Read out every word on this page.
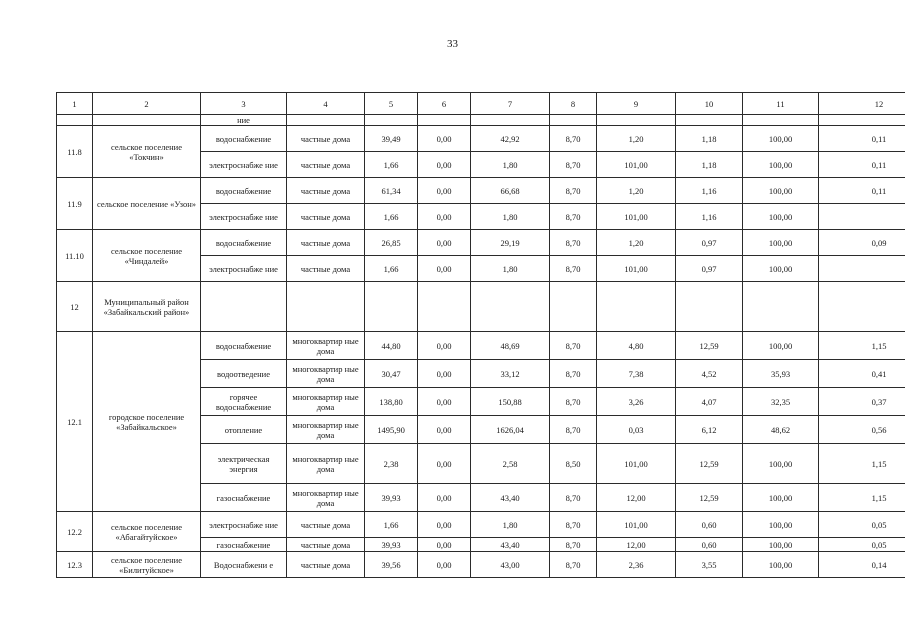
33
1	2	3	4	5	6	7	8	9	10	11	12
		ние									
11.8	сельское поселение «Токчин»	водоснабжение	частные дома	39,49	0,00	42,92	8,70	1,20	1,18	100,00	0,11
		электроснабже ние	частные дома	1,66	0,00	1,80	8,70	101,00	1,18	100,00	0,11
11.9	сельское поселение «Узон»	водоснабжение	частные дома	61,34	0,00	66,68	8,70	1,20	1,16	100,00	0,11
		электроснабже ние	частные дома	1,66	0,00	1,80	8,70	101,00	1,16	100,00	
11.10	сельское поселение «Чиндалей»	водоснабжение	частные дома	26,85	0,00	29,19	8,70	1,20	0,97	100,00	0,09
		электроснабже ние	частные дома	1,66	0,00	1,80	8,70	101,00	0,97	100,00	
12	Муниципальный район «Забайкальский район»										
12.1	городское поселение «Забайкальское»	водоснабжение	многоквартир ные дома	44,80	0,00	48,69	8,70	4,80	12,59	100,00	1,15
		водоотведение	многоквартир ные дома	30,47	0,00	33,12	8,70	7,38	4,52	35,93	0,41
		горячее водоснабжение	многоквартир ные дома	138,80	0,00	150,88	8,70	3,26	4,07	32,35	0,37
		отопление	многоквартир ные дома	1495,90	0,00	1626,04	8,70	0,03	6,12	48,62	0,56
		электрическая энергия	многоквартир ные дома	2,38	0,00	2,58	8,50	101,00	12,59	100,00	1,15
		газоснабжение	многоквартир ные дома	39,93	0,00	43,40	8,70	12,00	12,59	100,00	1,15
12.2	сельское поселение «Абагайтуйское»	электроснабже ние	частные дома	1,66	0,00	1,80	8,70	101,00	0,60	100,00	0,05
		газоснабжение	частные дома	39,93	0,00	43,40	8,70	12,00	0,60	100,00	0,05
12.3	сельское поселение «Билитуйское»	Водоснабжени е	частные дома	39,56	0,00	43,00	8,70	2,36	3,55	100,00	0,14
